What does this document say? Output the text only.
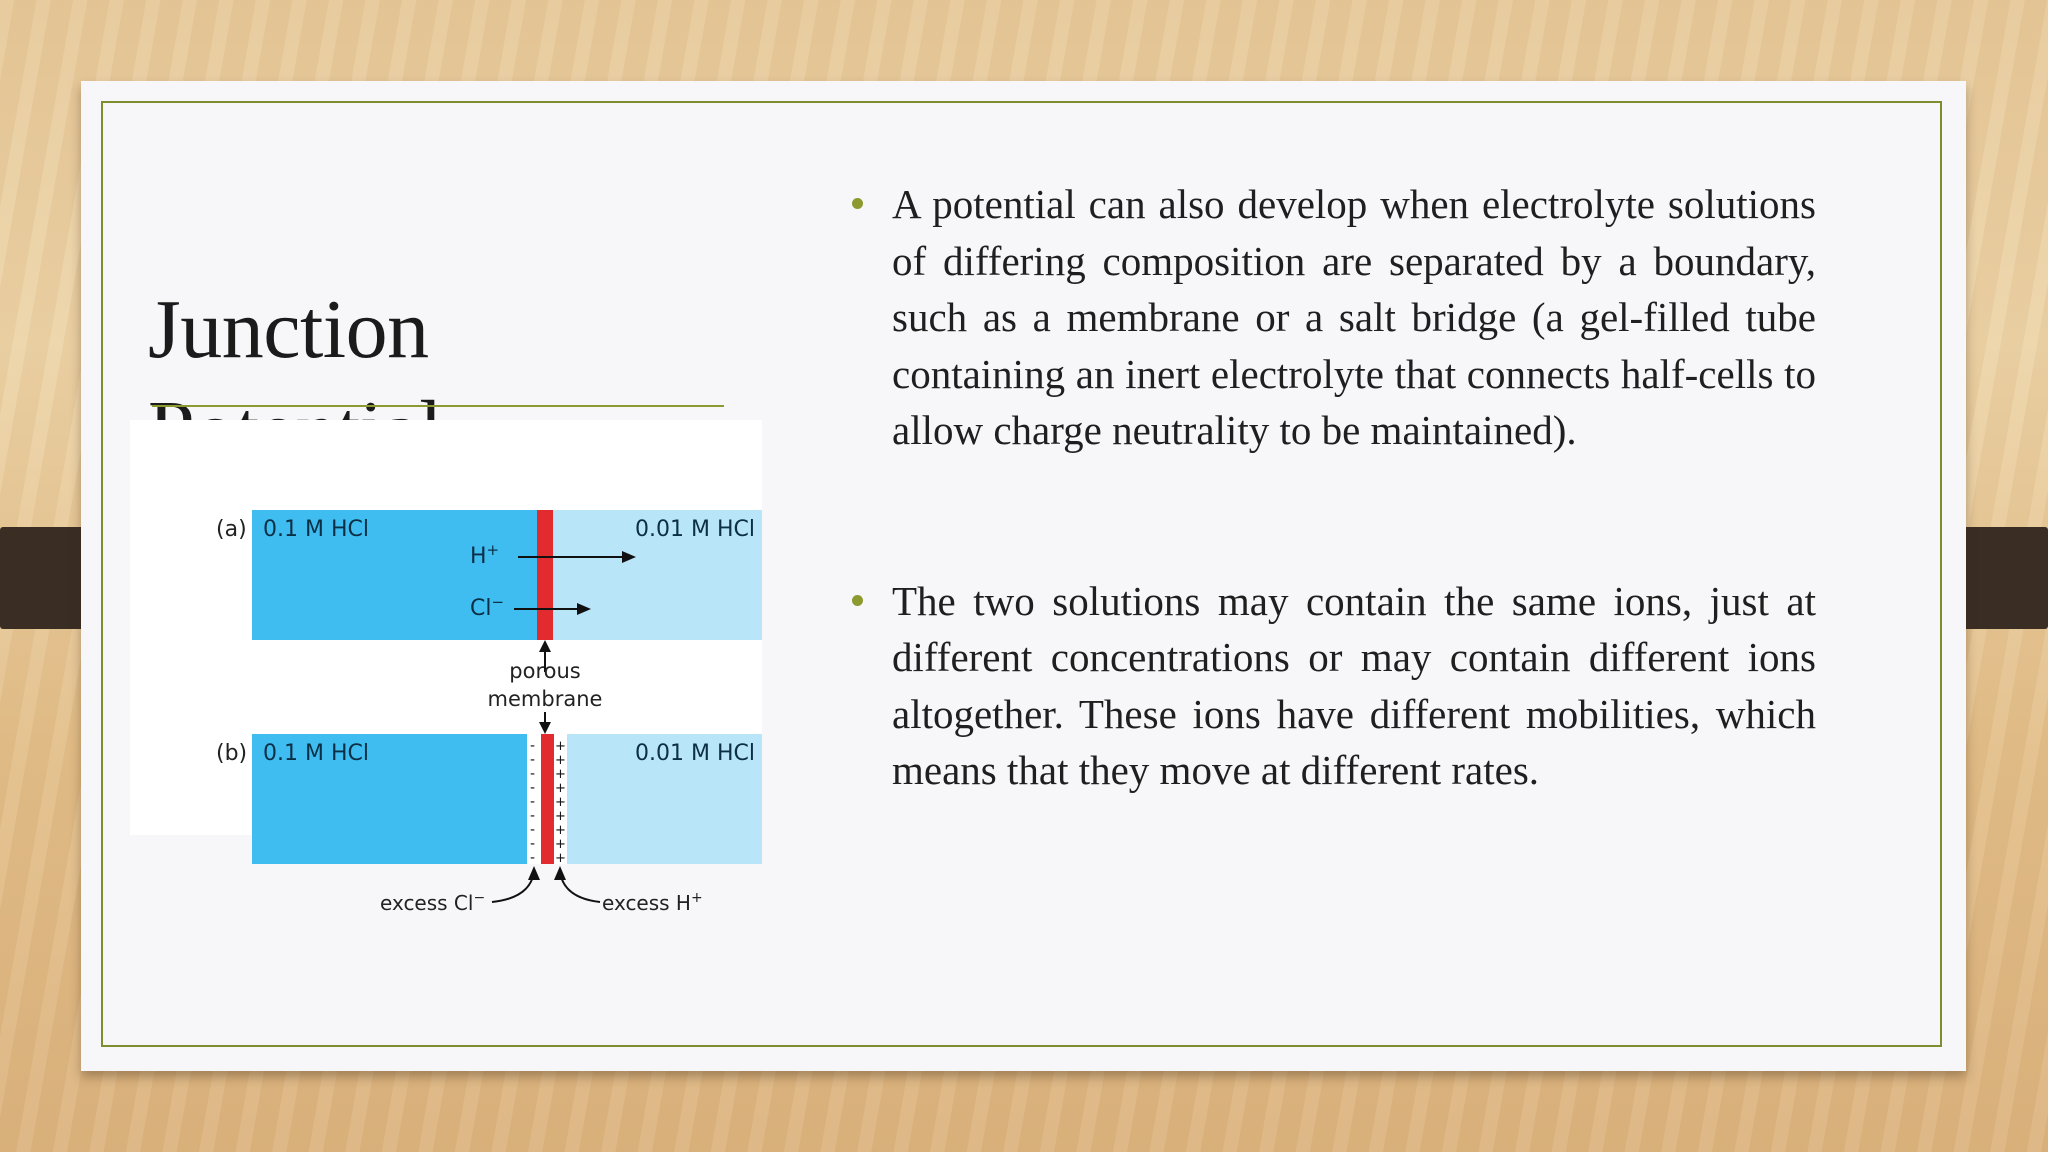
Junction
(a) 0.1 M HCl	0.01 M HCl
H+
Cl−
porous
membrane
(b) 0.1 M HCl	0.01 M HCl
-
-
-
-
-
-
-
-
-
+
+
+
+
+
+
+
+
+

A potential can also develop when electrolyte solutions of differing composition are separated by a boundary, such as a membrane or a salt bridge (a gel-filled tube containing an inert electrolyte that connects half-cells to allow charge neutrality to be maintained).

The two solutions may contain the same ions, just at different concentrations or may contain different ions altogether. These ions have different mobilities, which means that they move at different rates.

excess Cl−	excess H+
